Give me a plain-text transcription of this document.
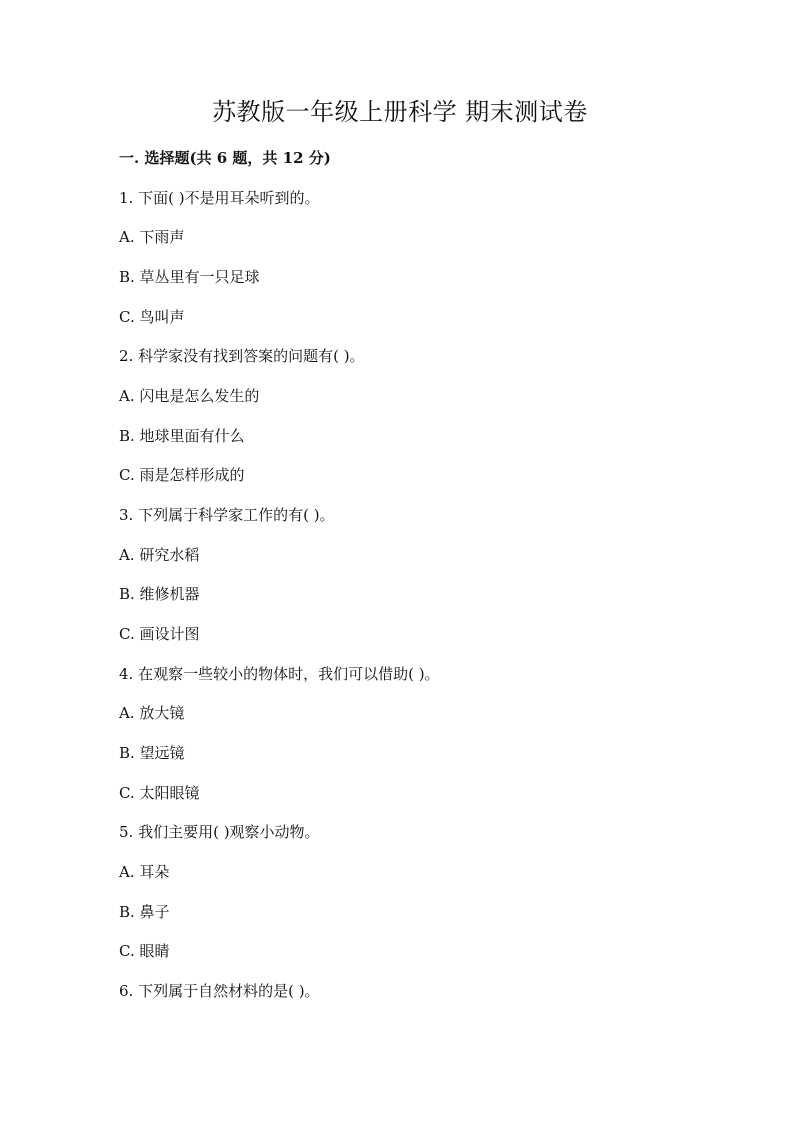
苏教版一年级上册科学 期末测试卷
一. 选择题(共 6 题，共 12 分)
1. 下面( )不是用耳朵听到的。
A. 下雨声
B. 草丛里有一只足球
C. 鸟叫声
2. 科学家没有找到答案的问题有( )。
A. 闪电是怎么发生的
B. 地球里面有什么
C. 雨是怎样形成的
3. 下列属于科学家工作的有( )。
A. 研究水稻
B. 维修机器
C. 画设计图
4. 在观察一些较小的物体时，我们可以借助( )。
A. 放大镜
B. 望远镜
C. 太阳眼镜
5. 我们主要用( )观察小动物。
A. 耳朵
B. 鼻子
C. 眼睛
6. 下列属于自然材料的是( )。
